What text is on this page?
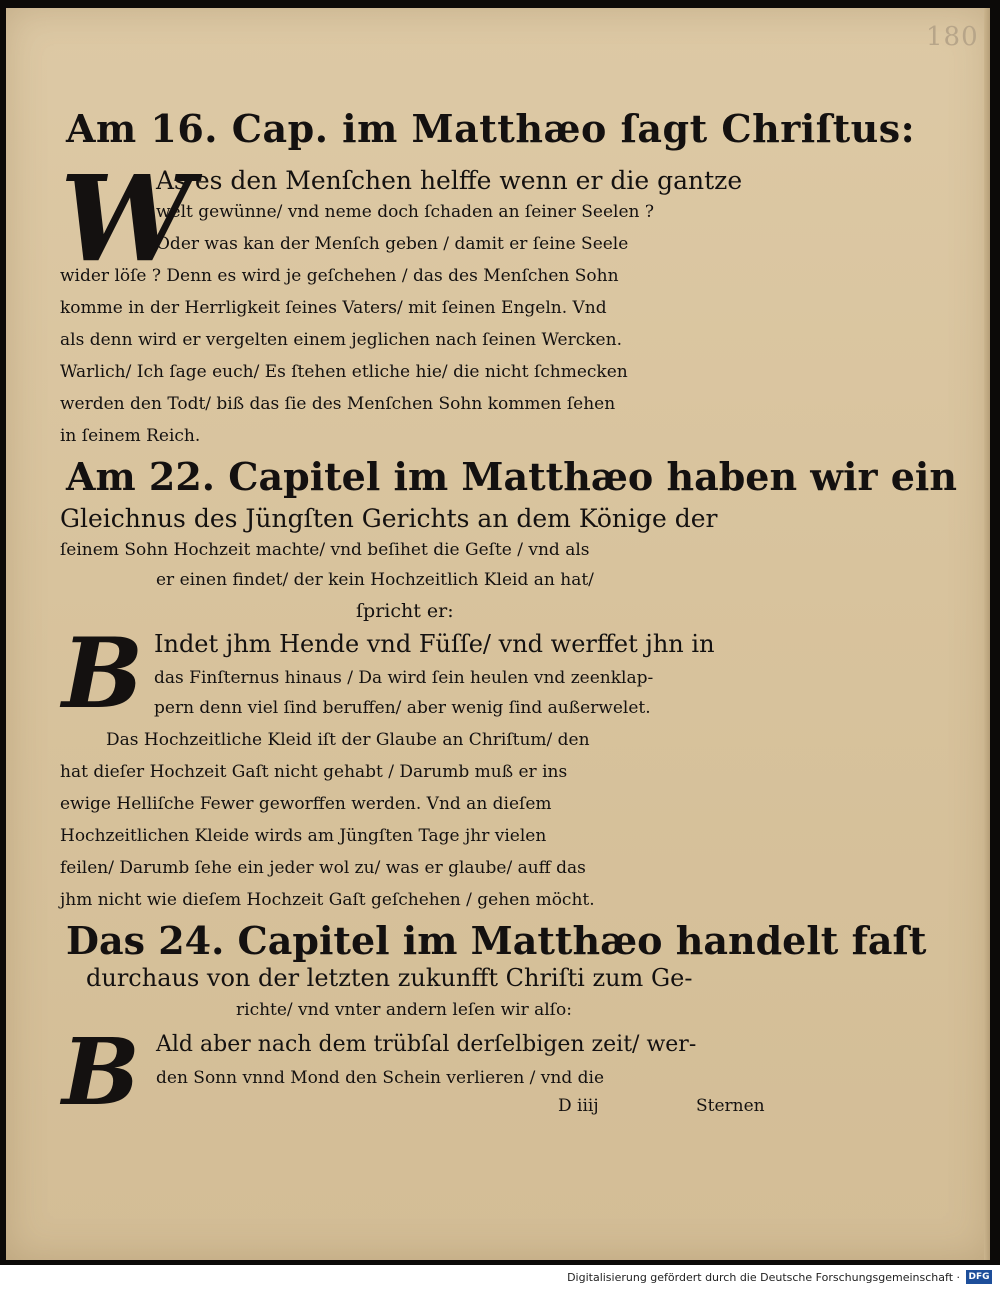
180
Am 16. Cap. im Matthæo ſagt Chriſtus:
W
As es den Menſchen helffe wenn er die gantze
welt gewünne/ vnd neme doch ſchaden an ſeiner Seelen ?
Oder was kan der Menſch geben / damit er ſeine Seele
wider löſe ? Denn es wird je geſchehen / das des Menſchen Sohn
komme in der Herrligkeit ſeines Vaters/ mit ſeinen Engeln. Vnd
als denn wird er vergelten einem jeglichen nach ſeinen Wercken.
Warlich/ Ich ſage euch/ Es ſtehen etliche hie/ die nicht ſchmecken
werden den Todt/ biß das ſie des Menſchen Sohn kommen ſehen
in ſeinem Reich.
Am 22. Capitel im Matthæo haben wir ein
Gleichnus des Jüngſten Gerichts an dem Könige der
ſeinem Sohn Hochzeit machte/ vnd beſihet die Geſte / vnd als
er einen findet/ der kein Hochzeitlich Kleid an hat/
ſpricht er:
B Indet jhm Hende vnd Füſſe/ vnd werffet jhn in
das Finſternus hinaus / Da wird ſein heulen vnd zeenklap-
pern denn viel ſind beruffen/ aber wenig ſind außerwelet.
Das Hochzeitliche Kleid iſt der Glaube an Chriſtum/ den
hat dieſer Hochzeit Gaſt nicht gehabt / Darumb muß er ins
ewige Helliſche Fewer geworffen werden. Vnd an dieſem
Hochzeitlichen Kleide wirds am Jüngſten Tage jhr vielen
feilen/ Darumb ſehe ein jeder wol zu/ was er glaube/ auff das
jhm nicht wie dieſem Hochzeit Gaſt geſchehen / gehen möcht.
Das 24. Capitel im Matthæo handelt faſt
durchaus von der letzten zukunfft Chriſti zum Ge-
richte/ vnd vnter andern leſen wir alſo:
B Ald aber nach dem trübſal derſelbigen zeit/ wer-
den Sonn vnnd Mond den Schein verlieren / vnd die
D iiij	Sternen
Digitalisierung gefördert durch die Deutsche Forschungsgemeinschaft · DFG
